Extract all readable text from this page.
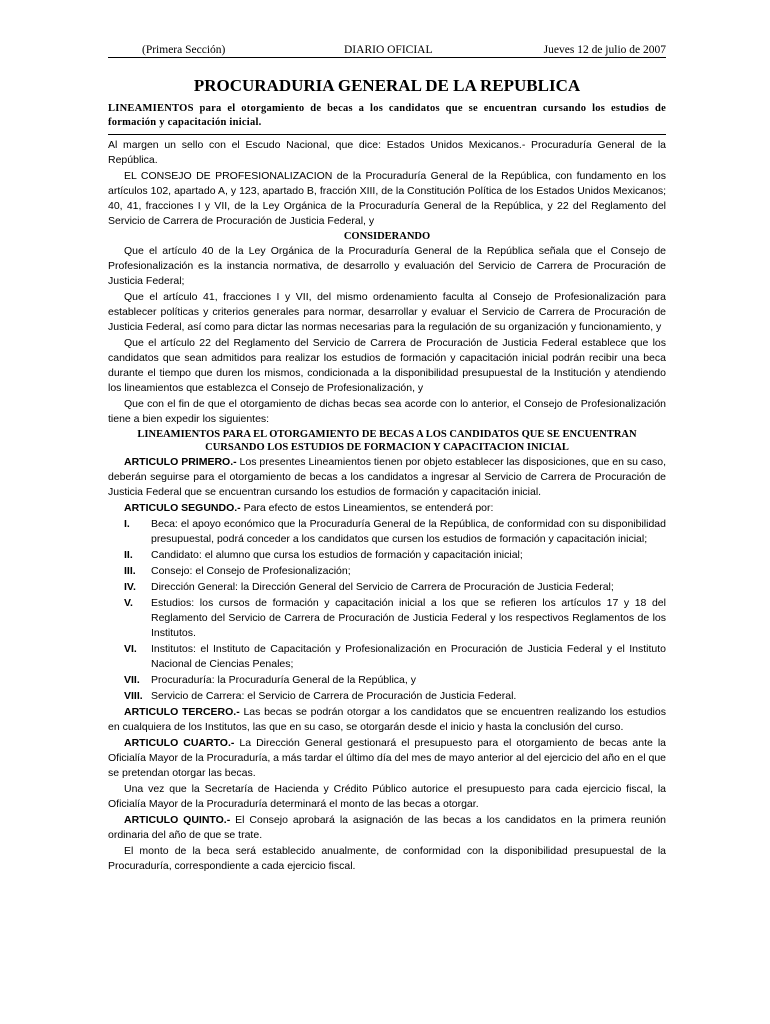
(Primera Sección)	DIARIO OFICIAL	Jueves 12 de julio de 2007
PROCURADURIA GENERAL DE LA REPUBLICA
LINEAMIENTOS para el otorgamiento de becas a los candidatos que se encuentran cursando los estudios de formación y capacitación inicial.

Al margen un sello con el Escudo Nacional, que dice: Estados Unidos Mexicanos.- Procuraduría General de la República.

EL CONSEJO DE PROFESIONALIZACION de la Procuraduría General de la República, con fundamento en los artículos 102, apartado A, y 123, apartado B, fracción XIII, de la Constitución Política de los Estados Unidos Mexicanos; 40, 41, fracciones I y VII, de la Ley Orgánica de la Procuraduría General de la República, y 22 del Reglamento del Servicio de Carrera de Procuración de Justicia Federal, y

CONSIDERANDO

Que el artículo 40 de la Ley Orgánica de la Procuraduría General de la República señala que el Consejo de Profesionalización es la instancia normativa, de desarrollo y evaluación del Servicio de Carrera de Procuración de Justicia Federal;

Que el artículo 41, fracciones I y VII, del mismo ordenamiento faculta al Consejo de Profesionalización para establecer políticas y criterios generales para normar, desarrollar y evaluar el Servicio de Carrera de Procuración de Justicia Federal, así como para dictar las normas necesarias para la regulación de su organización y funcionamiento, y

Que el artículo 22 del Reglamento del Servicio de Carrera de Procuración de Justicia Federal establece que los candidatos que sean admitidos para realizar los estudios de formación y capacitación inicial podrán recibir una beca durante el tiempo que duren los mismos, condicionada a la disponibilidad presupuestal de la Institución y atendiendo los lineamientos que establezca el Consejo de Profesionalización, y

Que con el fin de que el otorgamiento de dichas becas sea acorde con lo anterior, el Consejo de Profesionalización tiene a bien expedir los siguientes:

LINEAMIENTOS PARA EL OTORGAMIENTO DE BECAS A LOS CANDIDATOS QUE SE ENCUENTRAN CURSANDO LOS ESTUDIOS DE FORMACION Y CAPACITACION INICIAL

ARTICULO PRIMERO.- Los presentes Lineamientos tienen por objeto establecer las disposiciones, que en su caso, deberán seguirse para el otorgamiento de becas a los candidatos a ingresar al Servicio de Carrera de Procuración de Justicia Federal que se encuentran cursando los estudios de formación y capacitación inicial.

ARTICULO SEGUNDO.- Para efecto de estos Lineamientos, se entenderá por:

I.	Beca: el apoyo económico que la Procuraduría General de la República, de conformidad con su disponibilidad presupuestal, podrá conceder a los candidatos que cursen los estudios de formación y capacitación inicial;
II.	Candidato: el alumno que cursa los estudios de formación y capacitación inicial;
III.	Consejo: el Consejo de Profesionalización;
IV.	Dirección General: la Dirección General del Servicio de Carrera de Procuración de Justicia Federal;
V.	Estudios: los cursos de formación y capacitación inicial a los que se refieren los artículos 17 y 18 del Reglamento del Servicio de Carrera de Procuración de Justicia Federal y los respectivos Reglamentos de los Institutos.
VI.	Institutos: el Instituto de Capacitación y Profesionalización en Procuración de Justicia Federal y el Instituto Nacional de Ciencias Penales;
VII.	Procuraduría: la Procuraduría General de la República, y
VIII. Servicio de Carrera: el Servicio de Carrera de Procuración de Justicia Federal.

ARTICULO TERCERO.- Las becas se podrán otorgar a los candidatos que se encuentren realizando los estudios en cualquiera de los Institutos, las que en su caso, se otorgarán desde el inicio y hasta la conclusión del curso.

ARTICULO CUARTO.- La Dirección General gestionará el presupuesto para el otorgamiento de becas ante la Oficialía Mayor de la Procuraduría, a más tardar el último día del mes de mayo anterior al del ejercicio del año en el que se pretendan otorgar las becas.

Una vez que la Secretaría de Hacienda y Crédito Público autorice el presupuesto para cada ejercicio fiscal, la Oficialía Mayor de la Procuraduría determinará el monto de las becas a otorgar.

ARTICULO QUINTO.- El Consejo aprobará la asignación de las becas a los candidatos en la primera reunión ordinaria del año de que se trate.

El monto de la beca será establecido anualmente, de conformidad con la disponibilidad presupuestal de la Procuraduría, correspondiente a cada ejercicio fiscal.
